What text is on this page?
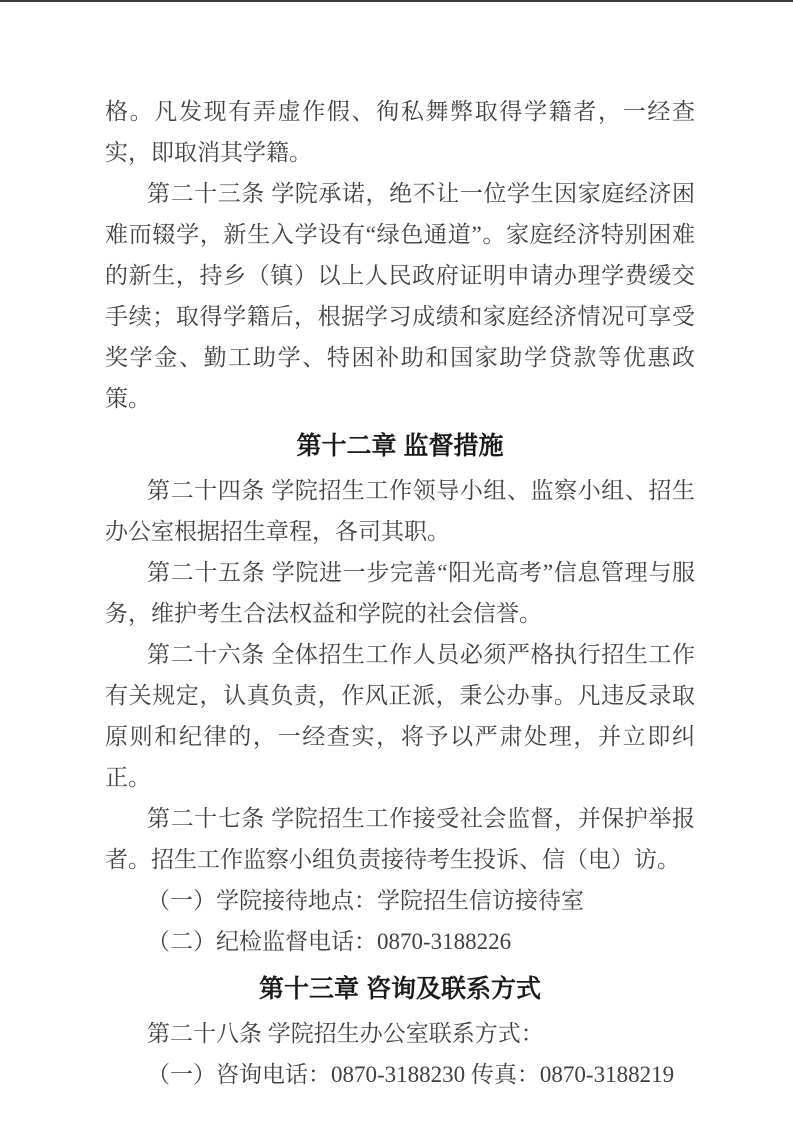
格。凡发现有弄虚作假、徇私舞弊取得学籍者，一经查实，即取消其学籍。

第二十三条 学院承诺，绝不让一位学生因家庭经济困难而辍学，新生入学设有“绿色通道”。家庭经济特别困难的新生，持乡（镇）以上人民政府证明申请办理学费缓交手续；取得学籍后，根据学习成绩和家庭经济情况可享受奖学金、勤工助学、特困补助和国家助学贷款等优惠政策。

第十二章 监督措施

第二十四条 学院招生工作领导小组、监察小组、招生办公室根据招生章程，各司其职。

第二十五条 学院进一步完善“阳光高考”信息管理与服务，维护考生合法权益和学院的社会信誉。

第二十六条 全体招生工作人员必须严格执行招生工作有关规定，认真负责，作风正派，秉公办事。凡违反录取原则和纪律的，一经查实，将予以严肃处理，并立即纠正。

第二十七条 学院招生工作接受社会监督，并保护举报者。招生工作监察小组负责接待考生投诉、信（电）访。

（一）学院接待地点：学院招生信访接待室

（二）纪检监督电话：0870-3188226

第十三章 咨询及联系方式

第二十八条 学院招生办公室联系方式：

（一）咨询电话：0870-3188230 传真：0870-3188219
